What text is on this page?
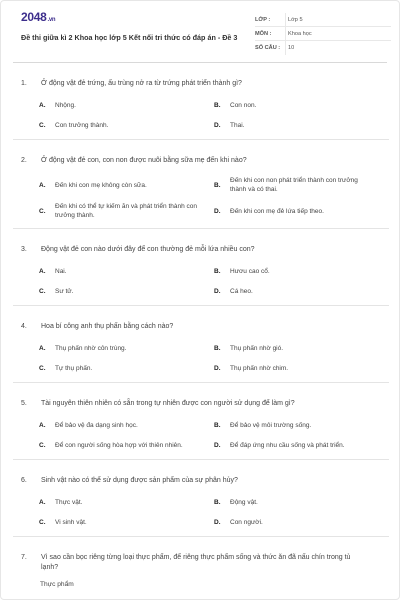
2048.vn
Đề thi giữa kì 2 Khoa học lớp 5 Kết nối tri thức có đáp án - Đề 3
LỚP :	Lớp 5
MÔN :	Khoa học
SỐ CÂU :	10
1.	Ở động vật đẻ trứng, ấu trùng nở ra từ trứng phát triển thành gì?
A.	Nhộng.	B.	Con non.
C.	Con trưởng thành.	D.	Thai.
2.	Ở động vật đẻ con, con non được nuôi bằng sữa mẹ đến khi nào?
A.	Đến khi con mẹ không còn sữa.	B.
Đến khi con non phát triển thành con trưởng thành và có thai.
C.
Đến khi có thể tự kiếm ăn và phát triển thành con trưởng thành.
D.	Đến khi con mẹ đẻ lứa tiếp theo.
3.	Động vật đẻ con nào dưới đây để con thường đẻ mỗi lứa nhiều con?
A.	Nai.	B.	Hươu cao cổ.
C.	Sư tử.	D.	Cá heo.
4.	Hoa bí công anh thụ phấn bằng cách nào?
A.	Thụ phấn nhờ côn trùng.	B.	Thụ phấn nhờ gió.
C.	Tự thụ phấn.	D.	Thụ phấn nhờ chim.
5.	Tài nguyên thiên nhiên có sẵn trong tự nhiên được con người sử dụng để làm gì?
A.	Để bảo vệ đa dạng sinh học.	B.	Để bảo vệ môi trường sống.
C.	Để con người sống hòa hợp với thiên nhiên.	D.	Để đáp ứng nhu cầu sống và phát triển.
6.	Sinh vật nào có thể sử dụng được sản phẩm của sự phân hủy?
A.	Thực vật.	B.	Động vật.
C.	Vi sinh vật.	D.	Con người.
7.	Vì sao cần bọc riêng từng loại thực phẩm, để riêng thực phẩm sống và thức ăn đã nấu chín trong tủ lạnh?
Thực phẩm
